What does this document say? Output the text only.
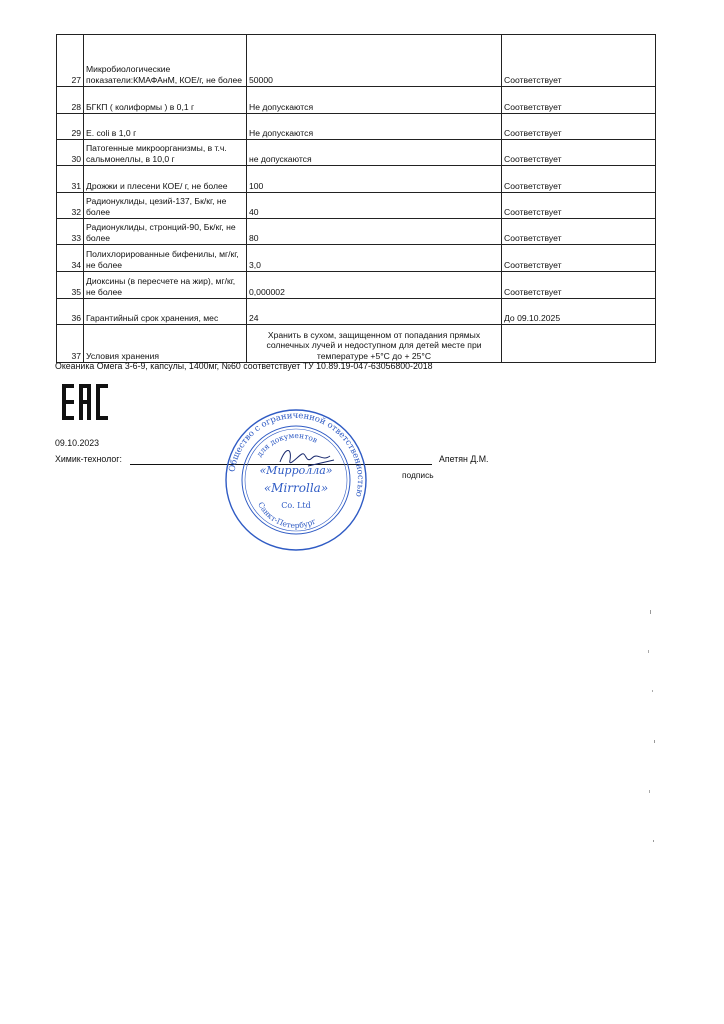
27	Микробиологические показатели:КМАФАнМ, КОЕ/г, не более	50000	Соответствует
28	БГКП ( колиформы ) в 0,1 г	Не допускаются	Соответствует
29	E. coli в 1,0 г	Не допускаются	Соответствует
30	Патогенные микроорганизмы, в т.ч. сальмонеллы, в 10,0 г	не допускаются	Соответствует
31	Дрожжи и плесени КОЕ/ г, не более	100	Соответствует
32	Радионуклиды, цезий-137, Бк/кг, не более	40	Соответствует
33	Радионуклиды, стронций-90, Бк/кг, не более	80	Соответствует
34	Полихлорированные бифенилы, мг/кг, не более	3,0	Соответствует
35	Диоксины (в пересчете на жир), мг/кг, не более	0,000002	Соответствует
36	Гарантийный срок хранения, мес	24	До 09.10.2025
37	Условия хранения	Хранить в сухом, защищенном от попадания прямых солнечных лучей и недоступном для детей месте при температуре +5°С до + 25°С	
Океаника Омега 3-6-9, капсулы, 1400мг, №60 соответствует ТУ 10.89.19-047-63056800-2018
09.10.2023
Химик-технолог:	Апетян Д.М.
подпись
Общество с ограниченной ответственностью
для документов
Санкт-Петербург
«Мирролла»
«Mirrolla»
Co. Ltd
